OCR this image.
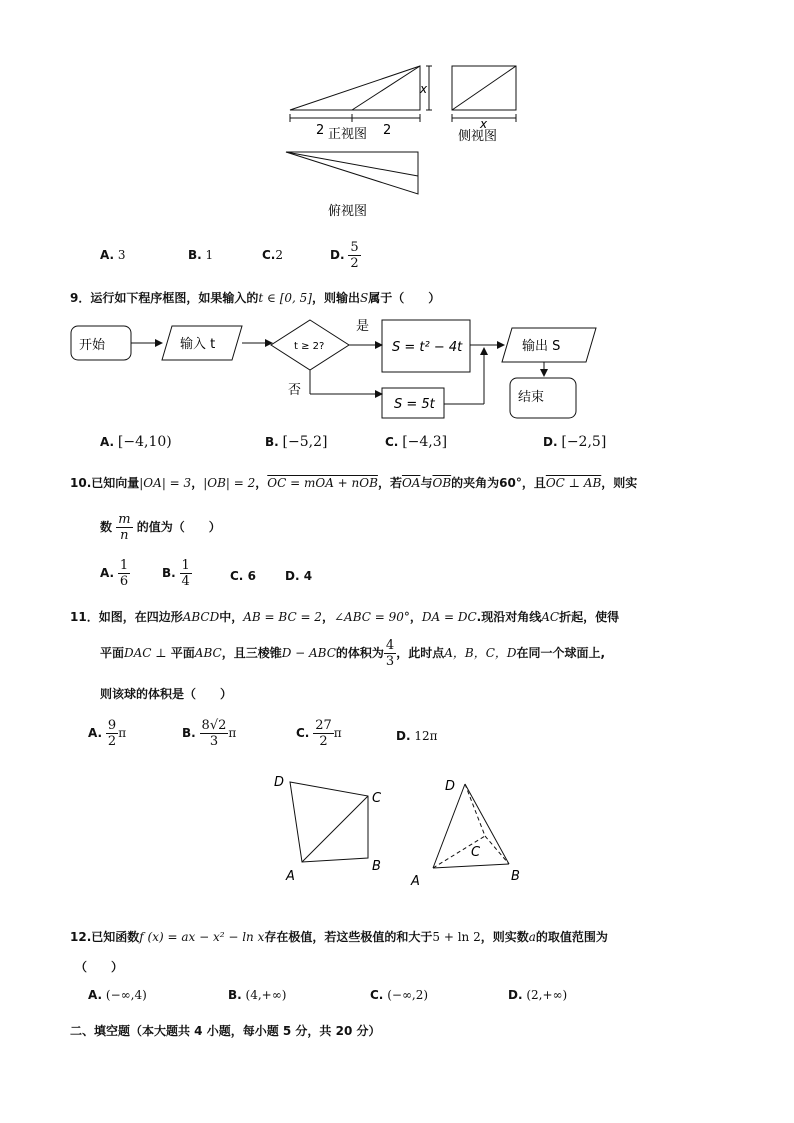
2	2
x
正视图
x
侧视图
俯视图
A. 3	B. 1	C.2	D. $\frac{5}{2}$
9．运行如下程序框图，如果输入的t ∈ [0, 5]，则输出S属于（　　）
开始	输入 t	t ≥ 2?
是
否
S = t² − 4t
S = 5t
输出 S
结束
A. [−4,10)	B. [−5,2]	C. [−4,3]	D. [−2,5]
10.已知向量|OA| = 3，|OB| = 2，OC = mOA + nOB，若$\overline{OA}$与$\overline{OB}$的夹角为60°，且OC ⊥ AB，则实
数 $\frac{m}{n}$ 的值为（　　）
A. $\frac{1}{6}$	B. $\frac{1}{4}$	C. 6 D. 4
11．如图，在四边形ABCD中，AB = BC = 2，∠ABC = 90°，DA = DC.现沿对角线AC折起，使得
平面DAC ⊥ 平面ABC，且三棱锥D − ABC的体积为 $\frac{4}{3}$ ，此时点A，B，C，D在同一个球面上,
则该球的体积是（　　）
A. $\frac{9}{2}$ π	B. $\frac{8√2}{3}$ π	C. $\frac{27}{2}$ π	D. 12π
D
C
A
B
D
C
A	B
12.已知函数f (x) = ax − x² − ln x存在极值，若这些极值的和大于5 + ln 2，则实数a的取值范围为
（　　）
A. (−∞,4)	B. (4,+∞)	C. (−∞,2)	D. (2,+∞)
二、填空题（本大题共 4 小题，每小题 5 分，共 20 分）
